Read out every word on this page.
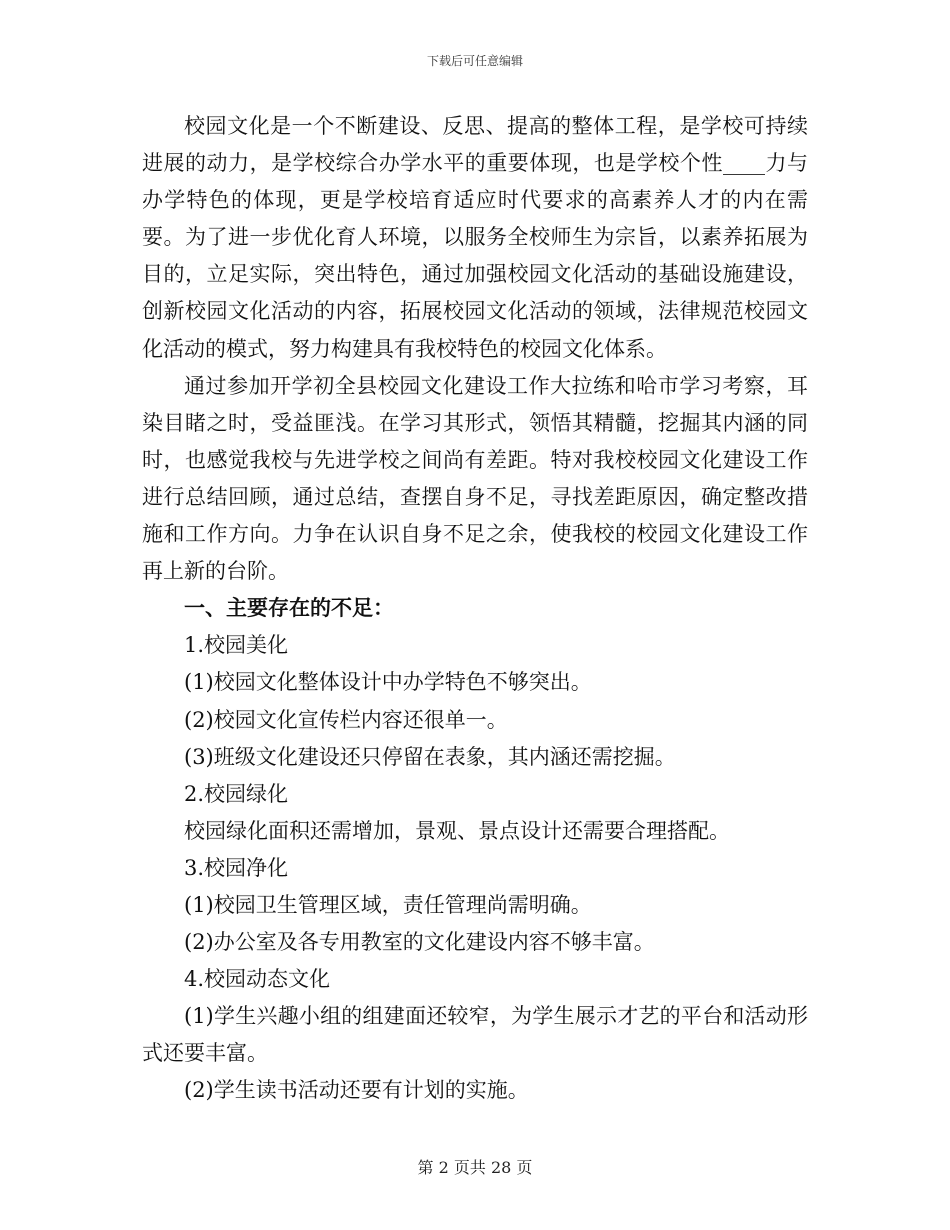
下载后可任意编辑

校园文化是一个不断建设、反思、提高的整体工程，是学校可持续进展的动力，是学校综合办学水平的重要体现，也是学校个性____力与办学特色的体现，更是学校培育适应时代要求的高素养人才的内在需要。为了进一步优化育人环境，以服务全校师生为宗旨，以素养拓展为目的，立足实际，突出特色，通过加强校园文化活动的基础设施建设，创新校园文化活动的内容，拓展校园文化活动的领域，法律规范校园文化活动的模式，努力构建具有我校特色的校园文化体系。

通过参加开学初全县校园文化建设工作大拉练和哈市学习考察，耳染目睹之时，受益匪浅。在学习其形式，领悟其精髓，挖掘其内涵的同时，也感觉我校与先进学校之间尚有差距。特对我校校园文化建设工作进行总结回顾，通过总结，查摆自身不足，寻找差距原因，确定整改措施和工作方向。力争在认识自身不足之余，使我校的校园文化建设工作再上新的台阶。

一、主要存在的不足：

1.校园美化

(1)校园文化整体设计中办学特色不够突出。

(2)校园文化宣传栏内容还很单一。

(3)班级文化建设还只停留在表象，其内涵还需挖掘。

2.校园绿化

校园绿化面积还需增加，景观、景点设计还需要合理搭配。

3.校园净化

(1)校园卫生管理区域，责任管理尚需明确。

(2)办公室及各专用教室的文化建设内容不够丰富。

4.校园动态文化

(1)学生兴趣小组的组建面还较窄，为学生展示才艺的平台和活动形式还要丰富。

(2)学生读书活动还要有计划的实施。

第 2 页共 28 页
